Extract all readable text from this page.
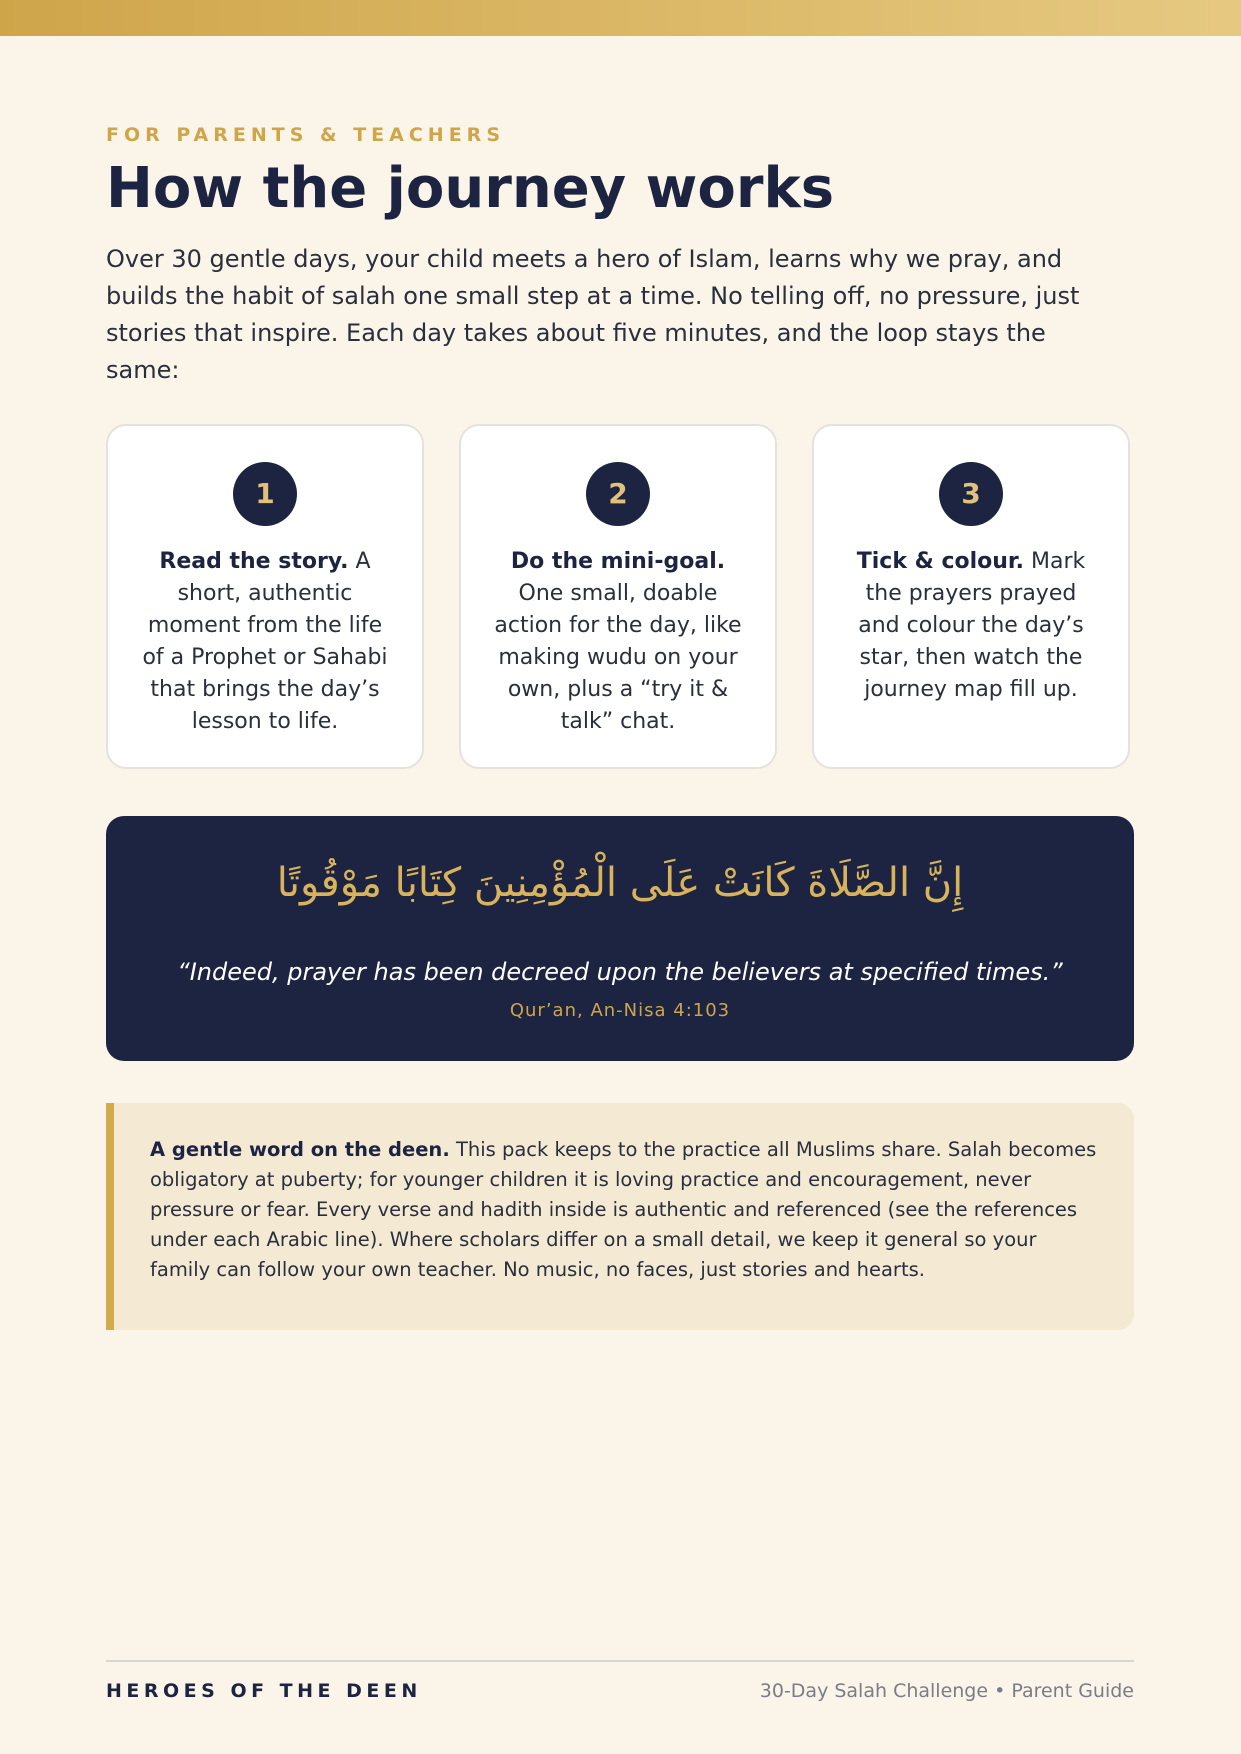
FOR PARENTS & TEACHERS
How the journey works

Over 30 gentle days, your child meets a hero of Islam, learns why we pray, and builds the habit of salah one small step at a time. No telling off, no pressure, just stories that inspire. Each day takes about five minutes, and the loop stays the same:

1

Read the story. A short, authentic moment from the life of a Prophet or Sahabi that brings the day’s lesson to life.

2

Do the mini-goal. One small, doable action for the day, like making wudu on your own, plus a “try it & talk” chat.

3

Tick & colour. Mark the prayers prayed and colour the day’s star, then watch the journey map fill up.

إِنَّ الصَّلَاةَ كَانَتْ عَلَى الْمُؤْمِنِينَ كِتَابًا مَوْقُوتًا
“Indeed, prayer has been decreed upon the believers at specified times.”
Qur’an, An-Nisa 4:103

A gentle word on the deen. This pack keeps to the practice all Muslims share. Salah becomes obligatory at puberty; for younger children it is loving practice and encouragement, never pressure or fear. Every verse and hadith inside is authentic and referenced (see the references under each Arabic line). Where scholars differ on a small detail, we keep it general so your family can follow your own teacher. No music, no faces, just stories and hearts.

HEROES OF THE DEEN	30-Day Salah Challenge • Parent Guide
